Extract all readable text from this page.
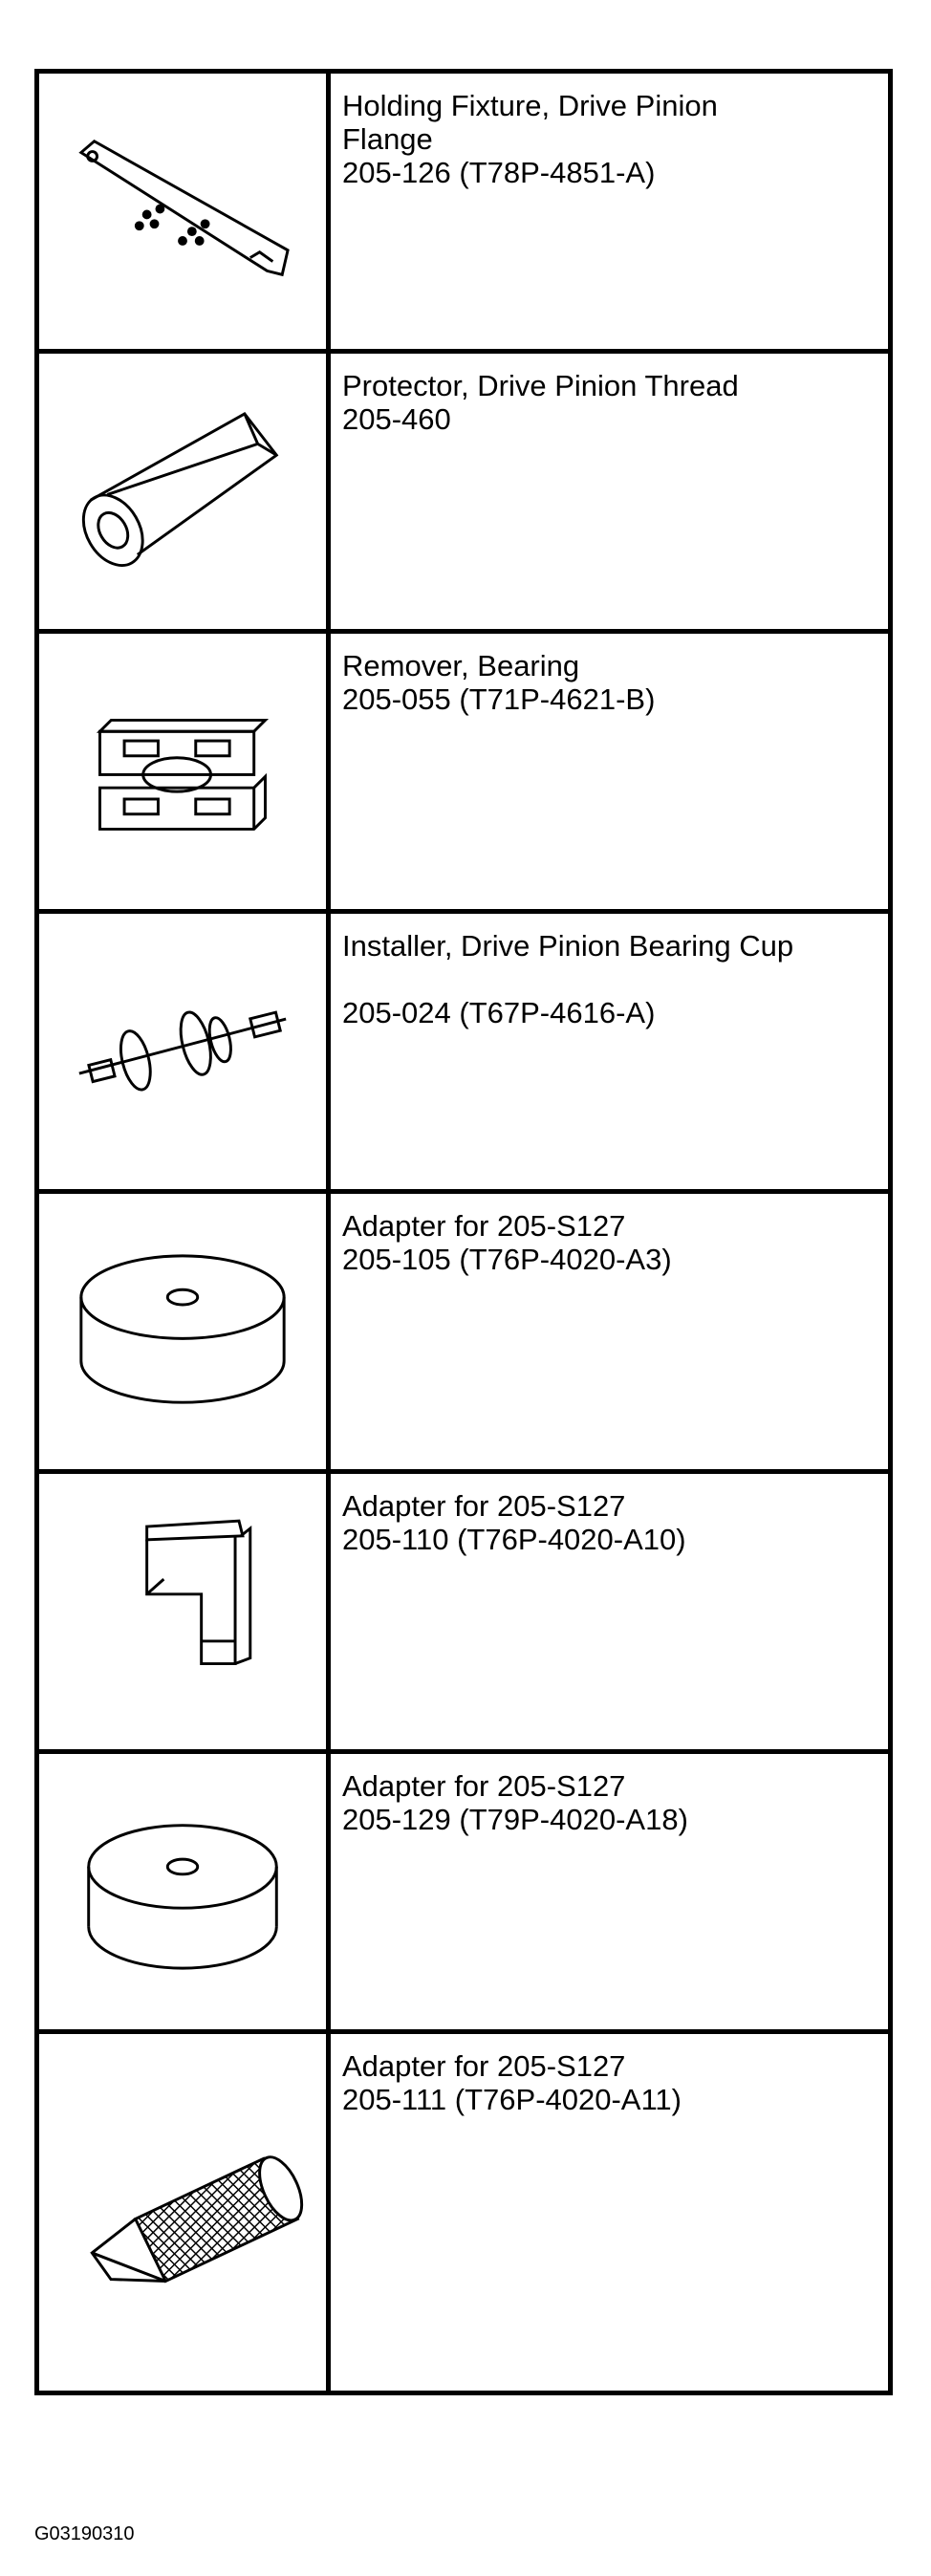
Holding Fixture, Drive Pinion
Flange
205-126 (T78P-4851-A)

Protector, Drive Pinion Thread
205-460

Remover, Bearing
205-055 (T71P-4621-B)

Installer, Drive Pinion Bearing Cup

205-024 (T67P-4616-A)

Adapter for 205-S127
205-105 (T76P-4020-A3)

Adapter for 205-S127
205-110 (T76P-4020-A10)

Adapter for 205-S127
205-129 (T79P-4020-A18)

Adapter for 205-S127
205-111 (T76P-4020-A11)
G03190310
